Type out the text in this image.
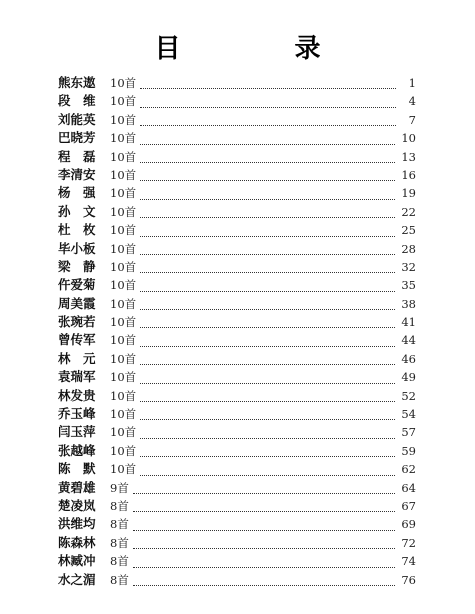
目　录
熊东遨	10首	1
段　维	10首	4
刘能英	10首	7
巴晓芳	10首	10
程　磊	10首	13
李清安	10首	16
杨　强	10首	19
孙　文	10首	22
杜　枚	10首	25
毕小板	10首	28
梁　静	10首	32
仵爱菊	10首	35
周美霞	10首	38
张琬若	10首	41
曾传军	10首	44
林　元	10首	46
袁瑞军	10首	49
林发贵	10首	52
乔玉峰	10首	54
闫玉萍	10首	57
张越峰	10首	59
陈　默	10首	62
黄碧雄	9首	64
楚凌岚	8首	67
洪维均	8首	69
陈森林	8首	72
林臧冲	8首	74
水之湄	8首	76
